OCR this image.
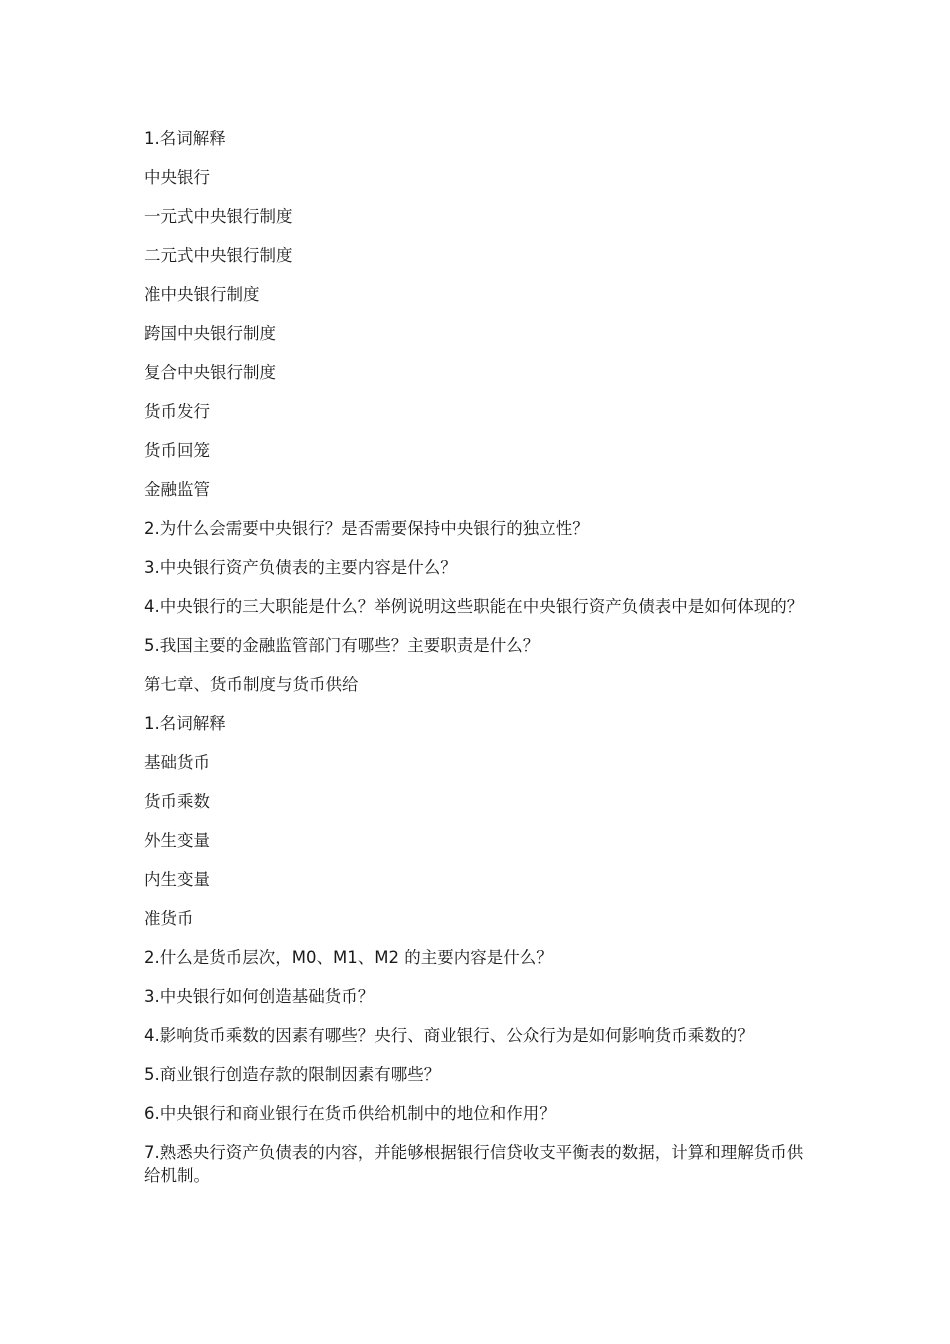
1.名词解释

中央银行

一元式中央银行制度

二元式中央银行制度

准中央银行制度

跨国中央银行制度

复合中央银行制度

货币发行

货币回笼

金融监管

2.为什么会需要中央银行？是否需要保持中央银行的独立性？

3.中央银行资产负债表的主要内容是什么？

4.中央银行的三大职能是什么？举例说明这些职能在中央银行资产负债表中是如何体现的？

5.我国主要的金融监管部门有哪些？主要职责是什么？

第七章、货币制度与货币供给

1.名词解释

基础货币

货币乘数

外生变量

内生变量

准货币

2.什么是货币层次，M0、M1、M2 的主要内容是什么？

3.中央银行如何创造基础货币？

4.影响货币乘数的因素有哪些？央行、商业银行、公众行为是如何影响货币乘数的？

5.商业银行创造存款的限制因素有哪些？

6.中央银行和商业银行在货币供给机制中的地位和作用？

7.熟悉央行资产负债表的内容，并能够根据银行信贷收支平衡表的数据，计算和理解货币供给机制。
